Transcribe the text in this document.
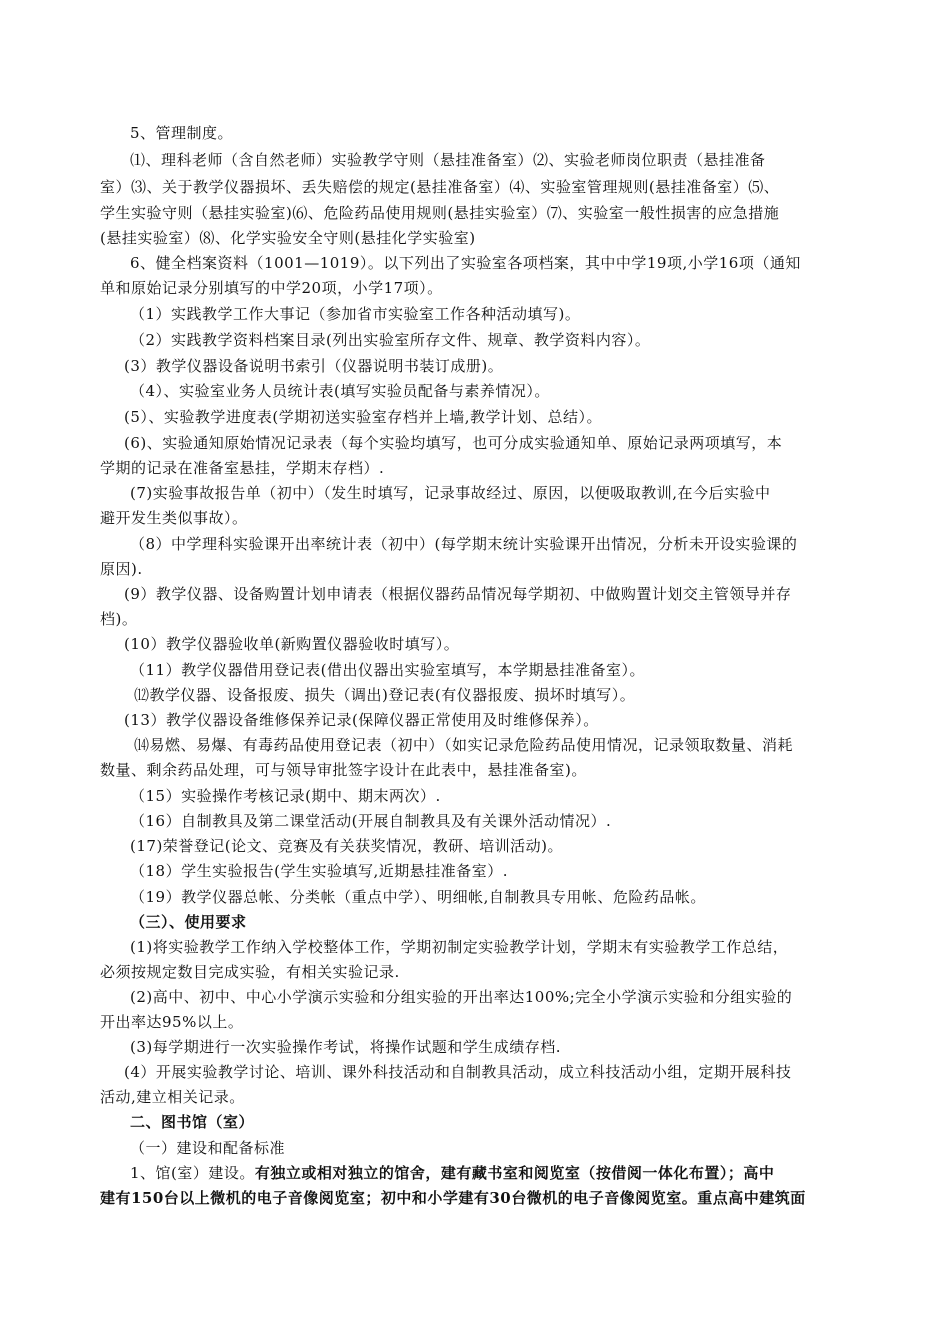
5、管理制度。
⑴、理科老师（含自然老师）实验教学守则（悬挂准备室）⑵、实验老师岗位职责（悬挂准备
室）⑶、关于教学仪器损坏、丢失赔偿的规定(悬挂准备室）⑷、实验室管理规则(悬挂准备室）⑸、
学生实验守则（悬挂实验室)⑹、危险药品使用规则(悬挂实验室）⑺、实验室一般性损害的应急措施
(悬挂实验室）⑻、化学实验安全守则(悬挂化学实验室)
6、健全档案资料（1001—1019）。以下列出了实验室各项档案，其中中学19项,小学16项（通知
单和原始记录分别填写的中学20项，小学17项）。
（1）实践教学工作大事记（参加省市实验室工作各种活动填写)。
（2）实践教学资料档案目录(列出实验室所存文件、规章、教学资料内容）。
(3）教学仪器设备说明书索引（仪器说明书装订成册)。
（4）、实验室业务人员统计表(填写实验员配备与素养情况）。
(5）、实验教学进度表(学期初送实验室存档并上墙,教学计划、总结）。
(6)、实验通知原始情况记录表（每个实验均填写，也可分成实验通知单、原始记录两项填写，本
学期的记录在准备室悬挂，学期末存档）.
(7)实验事故报告单（初中）（发生时填写，记录事故经过、原因，以便吸取教训,在今后实验中
避开发生类似事故）。
（8）中学理科实验课开出率统计表（初中）(每学期末统计实验课开出情况，分析未开设实验课的
原因).
(9）教学仪器、设备购置计划申请表（根据仪器药品情况每学期初、中做购置计划交主管领导并存
档)。
(10）教学仪器验收单(新购置仪器验收时填写）。
（11）教学仪器借用登记表(借出仪器出实验室填写，本学期悬挂准备室）。
⑿教学仪器、设备报废、损失（调出)登记表(有仪器报废、损坏时填写）。
(13）教学仪器设备维修保养记录(保障仪器正常使用及时维修保养）。
⒁易燃、易爆、有毒药品使用登记表（初中）（如实记录危险药品使用情况，记录领取数量、消耗
数量、剩余药品处理，可与领导审批签字设计在此表中，悬挂准备室)。
（15）实验操作考核记录(期中、期末两次）.
（16）自制教具及第二课堂活动(开展自制教具及有关课外活动情况）.
(17)荣誉登记(论文、竞赛及有关获奖情况，教研、培训活动)。
（18）学生实验报告(学生实验填写,近期悬挂准备室）.
（19）教学仪器总帐、分类帐（重点中学）、明细帐,自制教具专用帐、危险药品帐。
（三）、使用要求
(1)将实验教学工作纳入学校整体工作，学期初制定实验教学计划，学期末有实验教学工作总结，
必须按规定数目完成实验，有相关实验记录.
(2)高中、初中、中心小学演示实验和分组实验的开出率达100%;完全小学演示实验和分组实验的
开出率达95%以上。
(3)每学期进行一次实验操作考试，将操作试题和学生成绩存档.
(4）开展实验教学讨论、培训、课外科技活动和自制教具活动，成立科技活动小组，定期开展科技
活动,建立相关记录。
二、图书馆（室）
（一）建设和配备标准
1、馆(室）建设。有独立或相对独立的馆舍，建有藏书室和阅览室（按借阅一体化布置）；高中
建有150台以上微机的电子音像阅览室；初中和小学建有30台微机的电子音像阅览室。重点高中建筑面
